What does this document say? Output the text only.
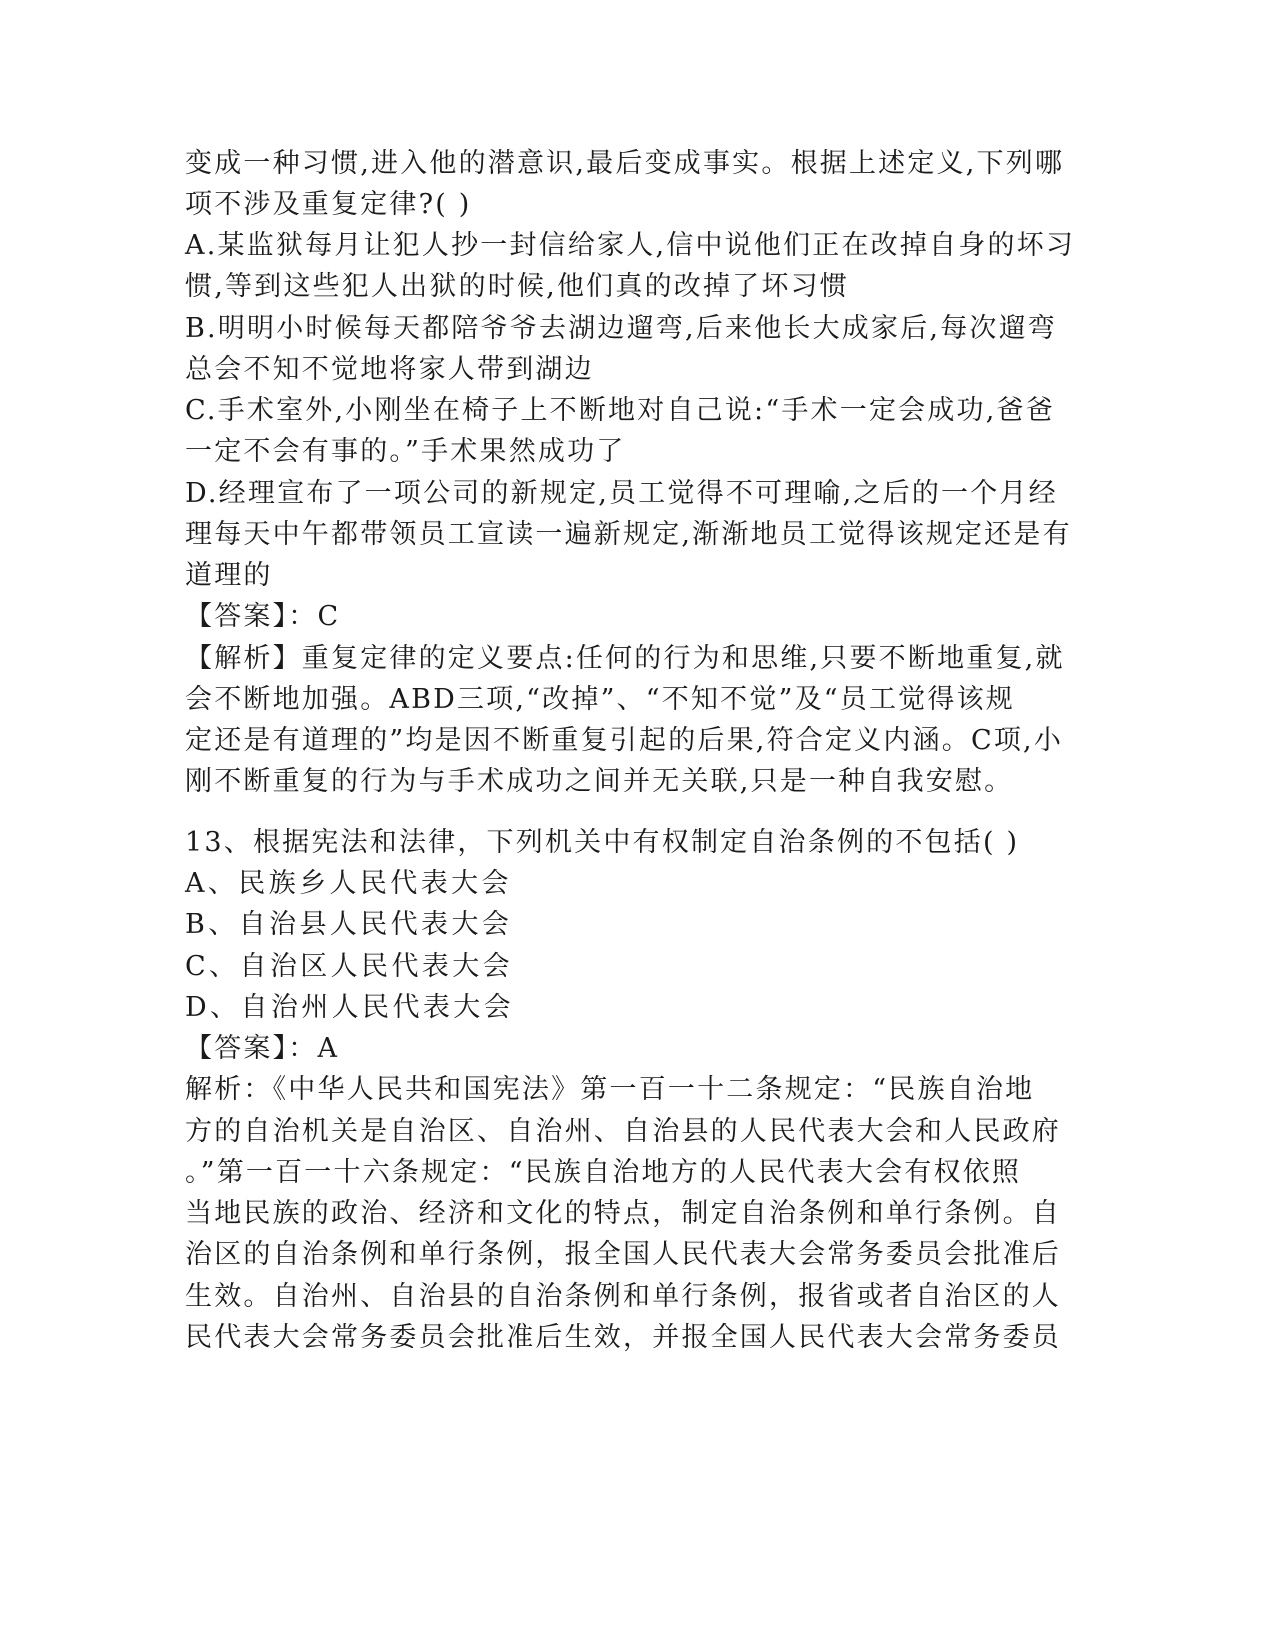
变成一种习惯,进入他的潜意识,最后变成事实。根据上述定义,下列哪
项不涉及重复定律?( )
A.某监狱每月让犯人抄一封信给家人,信中说他们正在改掉自身的坏习
惯,等到这些犯人出狱的时候,他们真的改掉了坏习惯
B.明明小时候每天都陪爷爷去湖边遛弯,后来他长大成家后,每次遛弯
总会不知不觉地将家人带到湖边
C.手术室外,小刚坐在椅子上不断地对自己说:“手术一定会成功,爸爸
一定不会有事的。”手术果然成功了
D.经理宣布了一项公司的新规定,员工觉得不可理喻,之后的一个月经
理每天中午都带领员工宣读一遍新规定,渐渐地员工觉得该规定还是有
道理的
【答案】：C
【解析】重复定律的定义要点:任何的行为和思维,只要不断地重复,就
会不断地加强。ABD三项,“改掉”、“不知不觉”及“员工觉得该规
定还是有道理的”均是因不断重复引起的后果,符合定义内涵。C项,小
刚不断重复的行为与手术成功之间并无关联,只是一种自我安慰。
13、根据宪法和法律，下列机关中有权制定自治条例的不包括( )
A、民族乡人民代表大会
B、自治县人民代表大会
C、自治区人民代表大会
D、自治州人民代表大会
【答案】：A
解析：《中华人民共和国宪法》第一百一十二条规定：“民族自治地
方的自治机关是自治区、自治州、自治县的人民代表大会和人民政府
。”第一百一十六条规定：“民族自治地方的人民代表大会有权依照
当地民族的政治、经济和文化的特点，制定自治条例和单行条例。自
治区的自治条例和单行条例，报全国人民代表大会常务委员会批准后
生效。自治州、自治县的自治条例和单行条例，报省或者自治区的人
民代表大会常务委员会批准后生效，并报全国人民代表大会常务委员
